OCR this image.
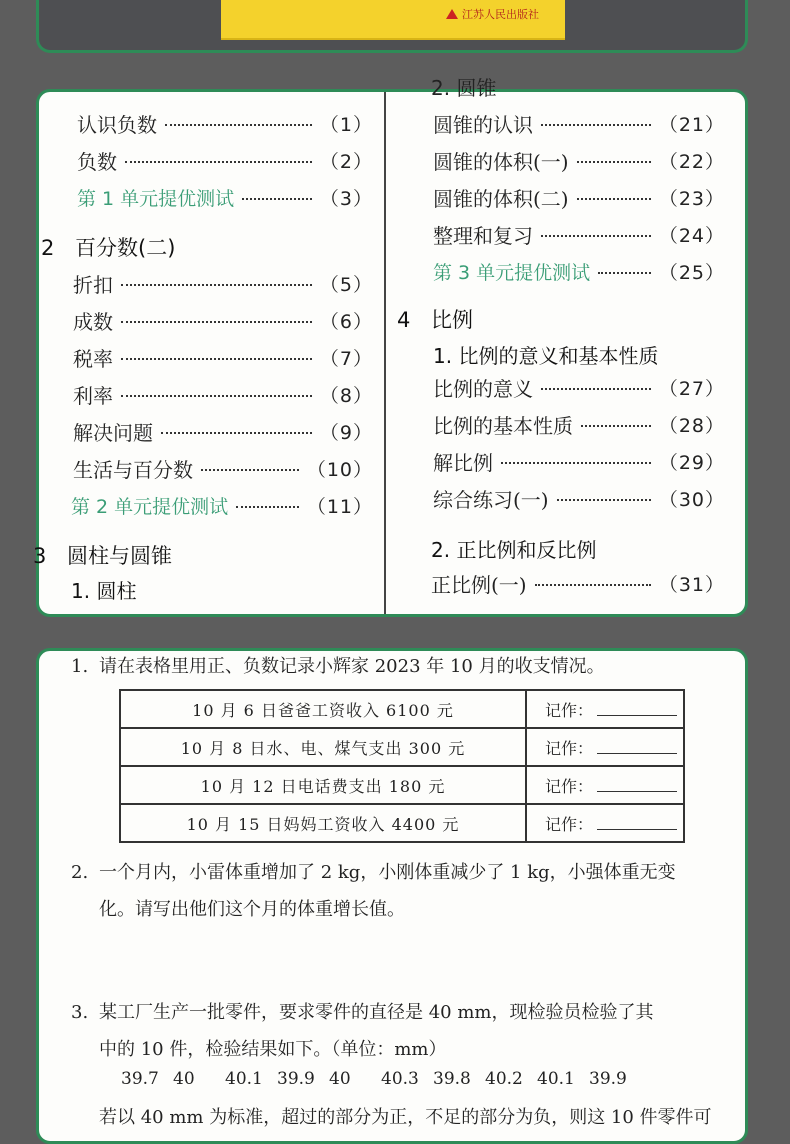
江苏人民出版社
认识负数	（1）
负数	（2）
第 1 单元提优测试	（3）
2 百分数(二)
折扣	（5）
成数	（6）
税率	（7）
利率	（8）
解决问题	（9）
生活与百分数	（10）
第 2 单元提优测试	（11）
3 圆柱与圆锥
1. 圆柱
2. 圆锥
圆锥的认识	（21）
圆锥的体积(一)	（22）
圆锥的体积(二)	（23）
整理和复习	（24）
第 3 单元提优测试	（25）
4 比例
1. 比例的意义和基本性质
比例的意义	（27）
比例的基本性质	（28）
解比例	（29）
综合练习(一)	（30）
2. 正比例和反比例
正比例(一)	（31）
1. 请在表格里用正、负数记录小辉家 2023 年 10 月的收支情况。
10 月 6 日爸爸工资收入 6100 元	记作：
10 月 8 日水、电、煤气支出 300 元	记作：
10 月 12 日电话费支出 180 元	记作：
10 月 15 日妈妈工资收入 4400 元	记作：
2. 一个月内，小雷体重增加了 2 kg，小刚体重减少了 1 kg，小强体重无变
化。请写出他们这个月的体重增长值。
3. 某工厂生产一批零件，要求零件的直径是 40 mm，现检验员检验了其
中的 10 件，检验结果如下。（单位：mm）
39.7 40	40.1 39.9 40	40.3 39.8 40.2 40.1 39.9
若以 40 mm 为标准，超过的部分为正，不足的部分为负，则这 10 件零件可
